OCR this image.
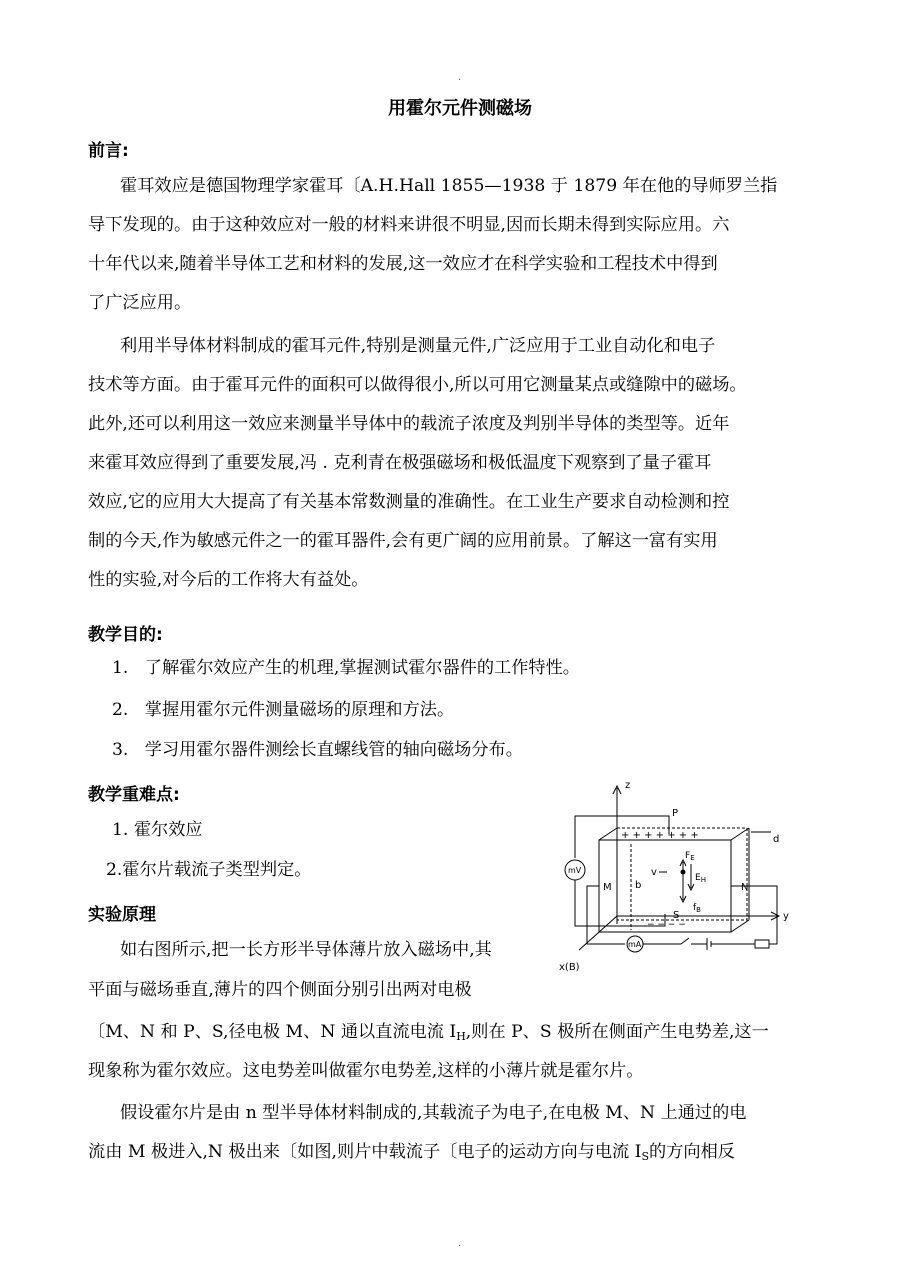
.
用霍尔元件测磁场
前言:
霍耳效应是德国物理学家霍耳〔A.H.Hall 1855—1938 于 1879 年在他的导师罗兰指
导下发现的。由于这种效应对一般的材料来讲很不明显,因而长期未得到实际应用。六
十年代以来,随着半导体工艺和材料的发展,这一效应才在科学实验和工程技术中得到
了广泛应用。
利用半导体材料制成的霍耳元件,特别是测量元件,广泛应用于工业自动化和电子
技术等方面。由于霍耳元件的面积可以做得很小,所以可用它测量某点或缝隙中的磁场。
此外,还可以利用这一效应来测量半导体中的载流子浓度及判别半导体的类型等。近年
来霍耳效应得到了重要发展,冯 . 克利青在极强磁场和极低温度下观察到了量子霍耳
效应,它的应用大大提高了有关基本常数测量的准确性。在工业生产要求自动检测和控
制的今天,作为敏感元件之一的霍耳器件,会有更广阔的应用前景。了解这一富有实用
性的实验,对今后的工作将大有益处。
教学目的:
1. 了解霍尔效应产生的机理,掌握测试霍尔器件的工作特性。
2. 掌握用霍尔元件测量磁场的原理和方法。
3. 学习用霍尔器件测绘长直螺线管的轴向磁场分布。
教学重难点:
1. 霍尔效应
2.霍尔片载流子类型判定。
实验原理
如右图所示,把一长方形半导体薄片放入磁场中,其
平面与磁场垂直,薄片的四个侧面分别引出两对电极
〔M、N 和 P、S,径电极 M、N 通以直流电流 $I_H$,则在 P、S 极所在侧面产生电势差,这一
现象称为霍尔效应。这电势差叫做霍尔电势差,这样的小薄片就是霍尔片。
假设霍尔片是由 n 型半导体材料制成的,其载流子为电子,在电极 M、N 上通过的电
流由 M 极进入,N 极出来〔如图,则片中载流子〔电子的运动方向与电流 $I_S$的方向相反
.
z
y
x(B)
P
S
M	N
d
b
mV
mA
v
+ + + + + + +
− − − −
$F_E$
$f_B$
$E_H$
